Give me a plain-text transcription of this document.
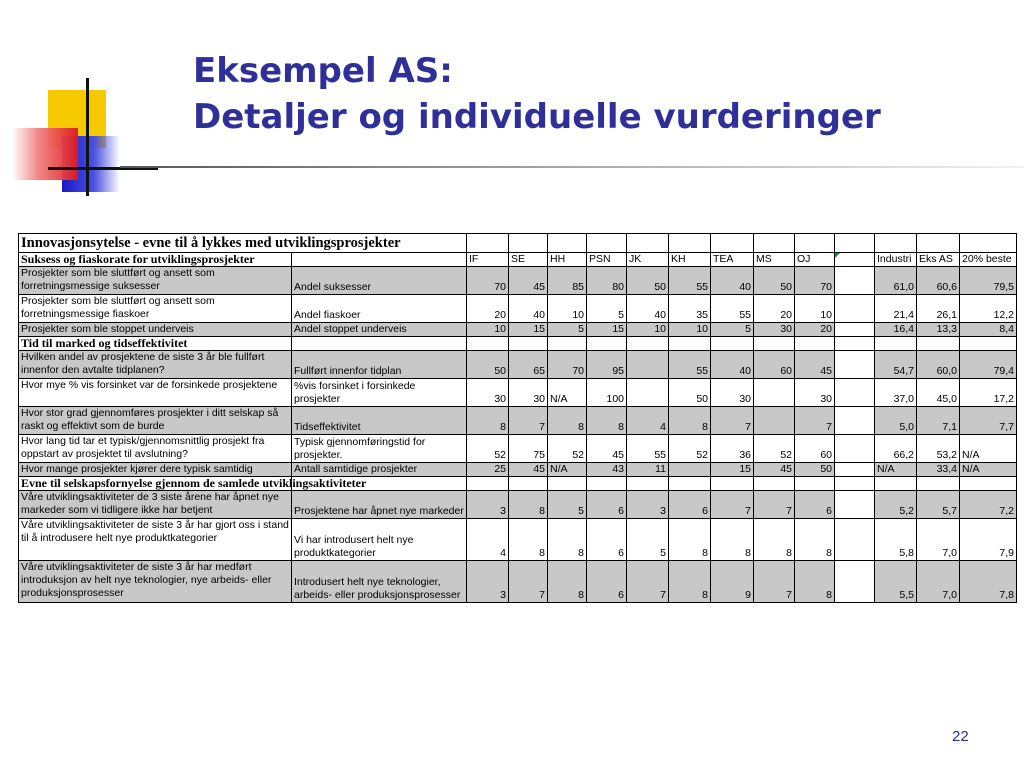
Eksempel AS:
Detaljer og individuelle vurderinger
Innovasjonsytelse - evne til å lykkes med utviklingsprosjekter														
Suksess og fiaskorate for utviklingsprosjekter		IF	SE	HH	PSN	JK	KH	TEA	MS	OJ		Industri	Eks AS	20% beste
Prosjekter som ble sluttført og ansett som forretningsmessige suksesser	Andel suksesser	70	45	85	80	50	55	40	50	70		61,0	60,6	79,5
Prosjekter som ble sluttført og ansett som forretningsmessige fiaskoer	Andel fiaskoer	20	40	10	5	40	35	55	20	10		21,4	26,1	12,2
Prosjekter som ble stoppet underveis	Andel stoppet underveis	10	15	5	15	10	10	5	30	20		16,4	13,3	8,4
Tid til marked og tidseffektivitet														
Hvilken andel av prosjektene de siste 3 år ble fullført innenfor den avtalte tidplanen?	Fullført innenfor tidplan	50	65	70	95		55	40	60	45		54,7	60,0	79,4
Hvor mye % vis forsinket var de forsinkede prosjektene	%vis forsinket i forsinkede prosjekter	30	30	N/A	100		50	30		30		37,0	45,0	17,2
Hvor stor grad gjennomføres prosjekter i ditt selskap så raskt og effektivt som de burde	Tidseffektivitet	8	7	8	8	4	8	7		7		5,0	7,1	7,7
Hvor lang tid tar et typisk/gjennomsnittlig prosjekt fra oppstart av prosjektet til avslutning?	Typisk gjennomføringstid for prosjekter.	52	75	52	45	55	52	36	52	60		66,2	53,2	N/A
Hvor mange prosjekter kjører dere typisk samtidig	Antall samtidige prosjekter	25	45	N/A	43	11		15	45	50		N/A	33,4	N/A
Evne til selskapsfornyelse gjennom de samlede utviklingsaktiviteter														
Våre utviklingsaktiviteter de 3 siste årene har åpnet nye markeder som vi tidligere ikke har betjent	Prosjektene har åpnet nye markeder	3	8	5	6	3	6	7	7	6		5,2	5,7	7,2
Våre utviklingsaktiviteter de siste 3 år har gjort oss i stand til å introdusere helt nye produktkategorier	Vi har introdusert helt nye produktkategorier	4	8	8	6	5	8	8	8	8		5,8	7,0	7,9
Våre utviklingsaktiviteter de siste 3 år har medført introduksjon av helt nye teknologier, nye arbeids- eller produksjonsprosesser	Introdusert helt nye teknologier, arbeids- eller produksjonsprosesser	3	7	8	6	7	8	9	7	8		5,5	7,0	7,8
22
